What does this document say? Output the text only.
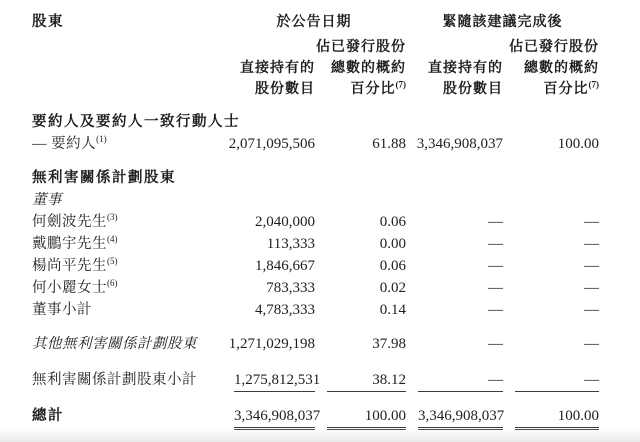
股東	於公告日期	緊隨該建議完成後
佔已發行股份	佔已發行股份
直接持有的	總數的概約	直接持有的	總數的概約
股份數目	百分比$^{(7)}$	股份數目	百分比$^{(7)}$
要約人及要約人一致行動人士
— 要約人$^{(1)}$	2,071,095,506	61.88 3,346,908,037	100.00
無利害關係計劃股東
董事
何劍波先生$^{(3)}$	2,040,000	0.06	—	—
戴鵬宇先生$^{(4)}$	113,333	0.00	—	—
楊尚平先生$^{(5)}$	1,846,667	0.06	—	—
何小麗女士$^{(6)}$	783,333	0.02	—	—
董事小計	4,783,333	0.14	—	—
其他無利害關係計劃股東	1,271,029,198	37.98	—	—
無利害關係計劃股東小計	1,275,812,531	38.12	—	—
總計	3,346,908,037	100.00 3,346,908,037	100.00
